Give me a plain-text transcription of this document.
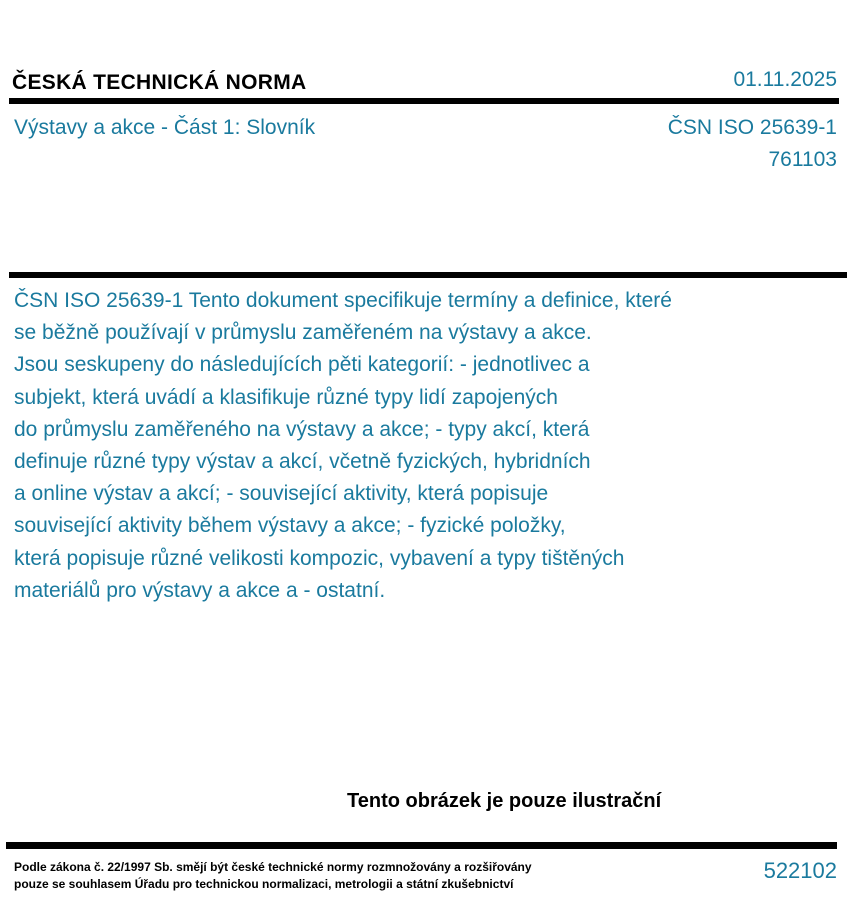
ČESKÁ TECHNICKÁ NORMA	01.11.2025
Výstavy a akce - Část 1: Slovník	ČSN ISO 25639-1
761103
ČSN ISO 25639-1 Tento dokument specifikuje termíny a definice, které
se běžně používají v průmyslu zaměřeném na výstavy a akce.
Jsou seskupeny do následujících pěti kategorií: - jednotlivec a
subjekt, která uvádí a klasifikuje různé typy lidí zapojených
do průmyslu zaměřeného na výstavy a akce; - typy akcí, která
definuje různé typy výstav a akcí, včetně fyzických, hybridních
a online výstav a akcí; - související aktivity, která popisuje
související aktivity během výstavy a akce; - fyzické položky,
která popisuje různé velikosti kompozic, vybavení a typy tištěných
materiálů pro výstavy a akce a - ostatní.
Tento obrázek je pouze ilustrační
Podle zákona č. 22/1997 Sb. smějí být české technické normy rozmnožovány a rozšiřovány
pouze se souhlasem Úřadu pro technickou normalizaci, metrologii a státní zkušebnictví
522102
